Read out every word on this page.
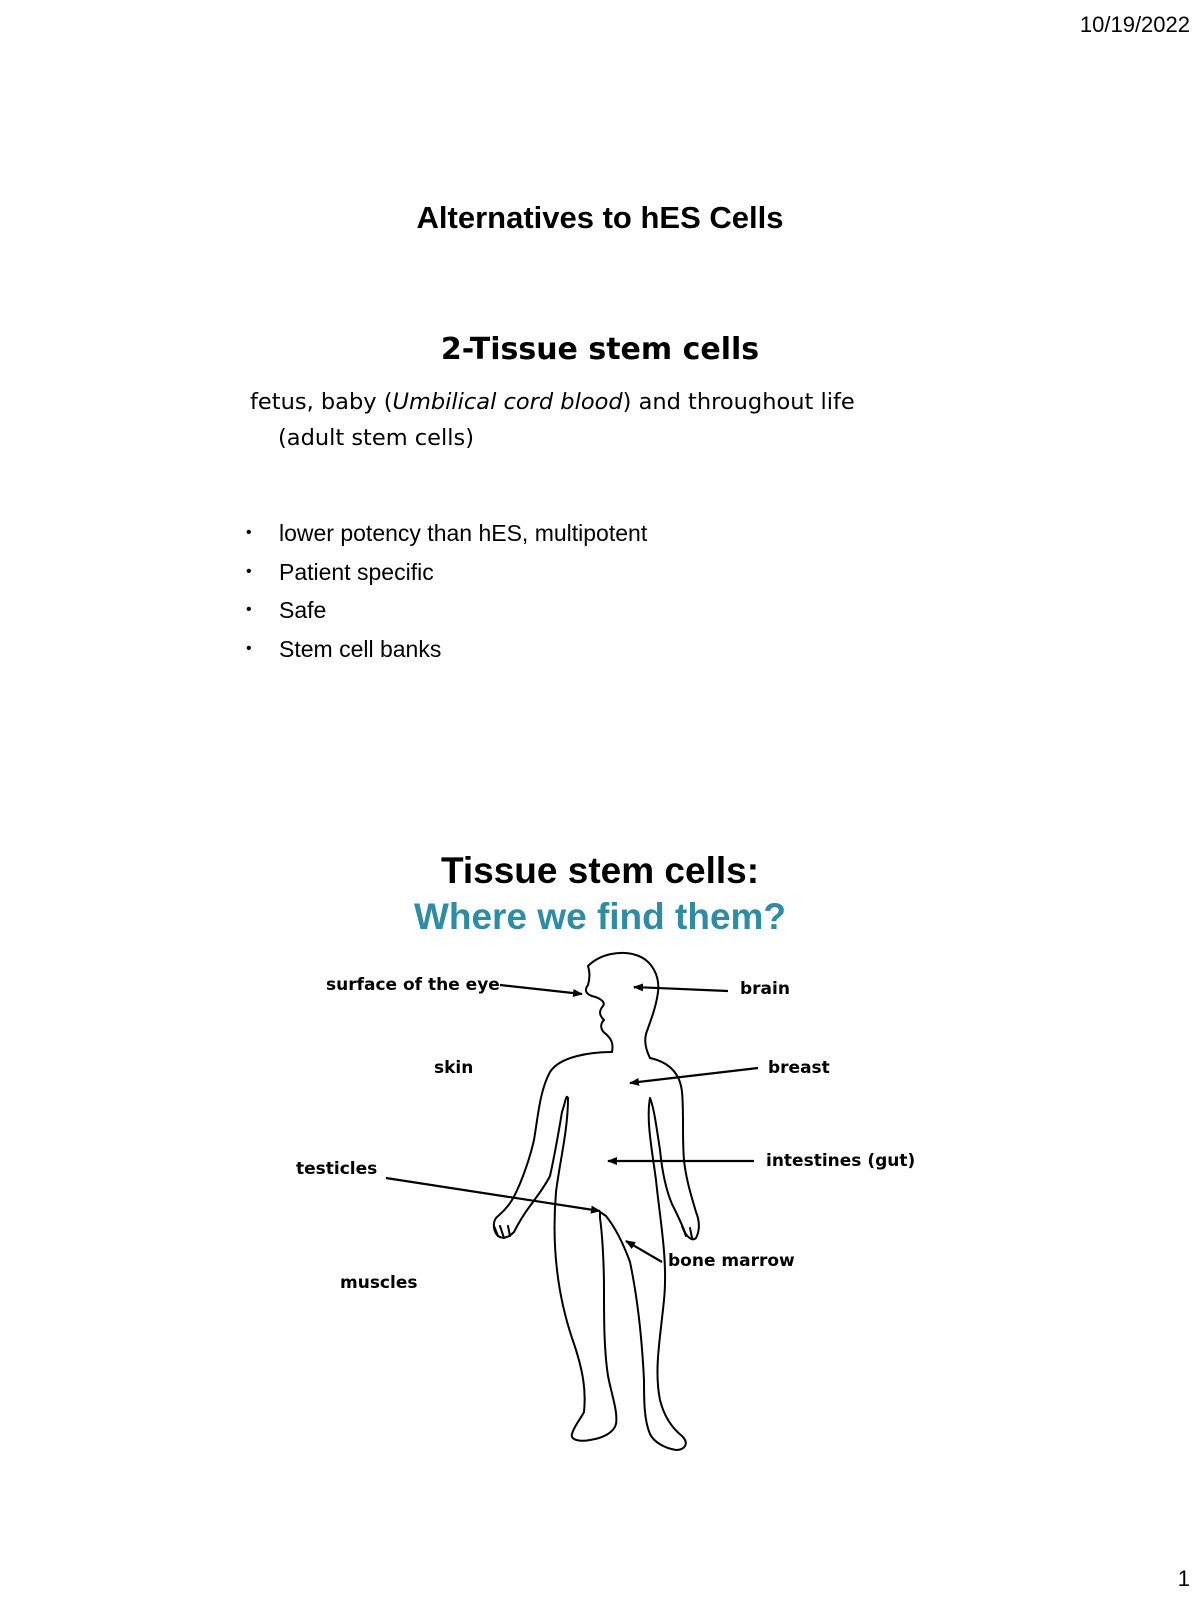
10/19/2022
Alternatives to hES Cells
2-Tissue stem cells
fetus, baby (Umbilical cord blood) and throughout life
(adult stem cells)
• lower potency than hES, multipotent
• Patient specific
• Safe
• Stem cell banks
Tissue stem cells:
Where we find them?
surface of the eye	brain
skin	breast
intestines (gut)
testicles
bone marrow
muscles
1
